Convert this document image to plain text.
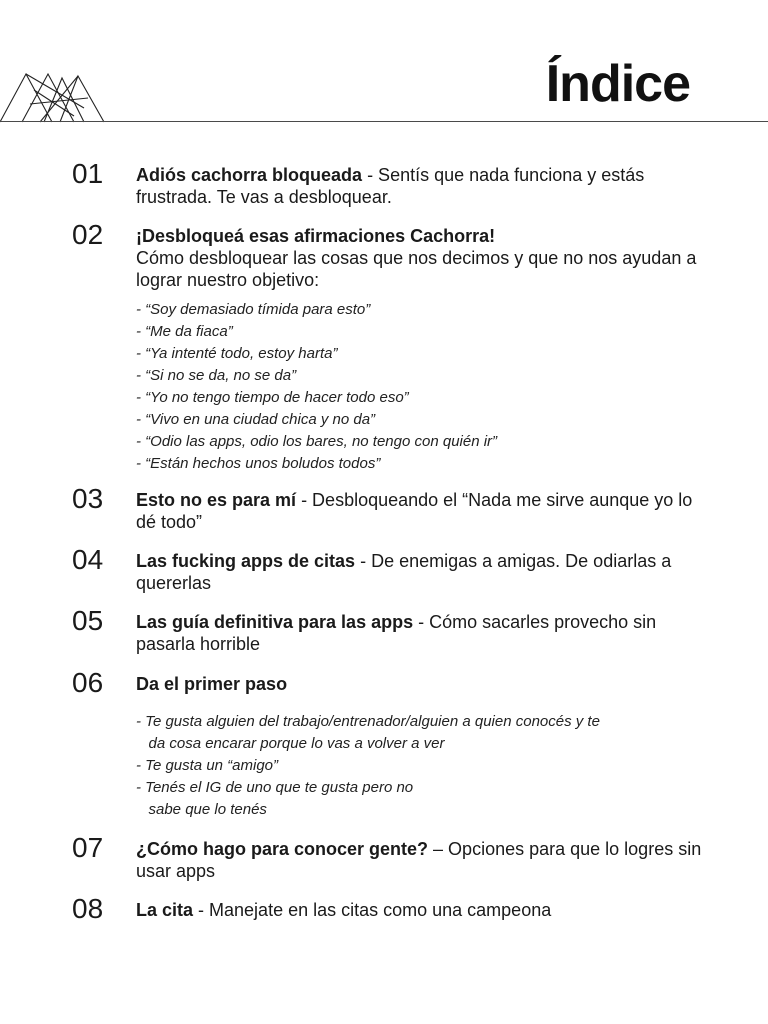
Índice
01 Adiós cachorra bloqueada - Sentís que nada funciona y estás frustrada. Te vas a desbloquear.
02 ¡Desbloqueá esas afirmaciones Cachorra!
Cómo desbloquear las cosas que nos decimos y que no nos ayudan a lograr nuestro objetivo:
- “Soy demasiado tímida para esto”
- “Me da fiaca”
- “Ya intenté todo, estoy harta”
- “Si no se da, no se da”
- “Yo no tengo tiempo de hacer todo eso”
- “Vivo en una ciudad chica y no da”
- “Odio las apps, odio los bares, no tengo con quién ir”
- “Están hechos unos boludos todos”
03 Esto no es para mí - Desbloqueando el “Nada me sirve aunque yo lo dé todo”
04 Las fucking apps de citas - De enemigas a amigas. De odiarlas a quererlas
05 Las guía definitiva para las apps - Cómo sacarles provecho sin pasarla horrible
06 Da el primer paso
- Te gusta alguien del trabajo/entrenador/alguien a quien conocés y te
da cosa encarar porque lo vas a volver a ver
- Te gusta un “amigo”
- Tenés el IG de uno que te gusta pero no
sabe que lo tenés
07 ¿Cómo hago para conocer gente? – Opciones para que lo logres sin usar apps
08 La cita - Manejate en las citas como una campeona
